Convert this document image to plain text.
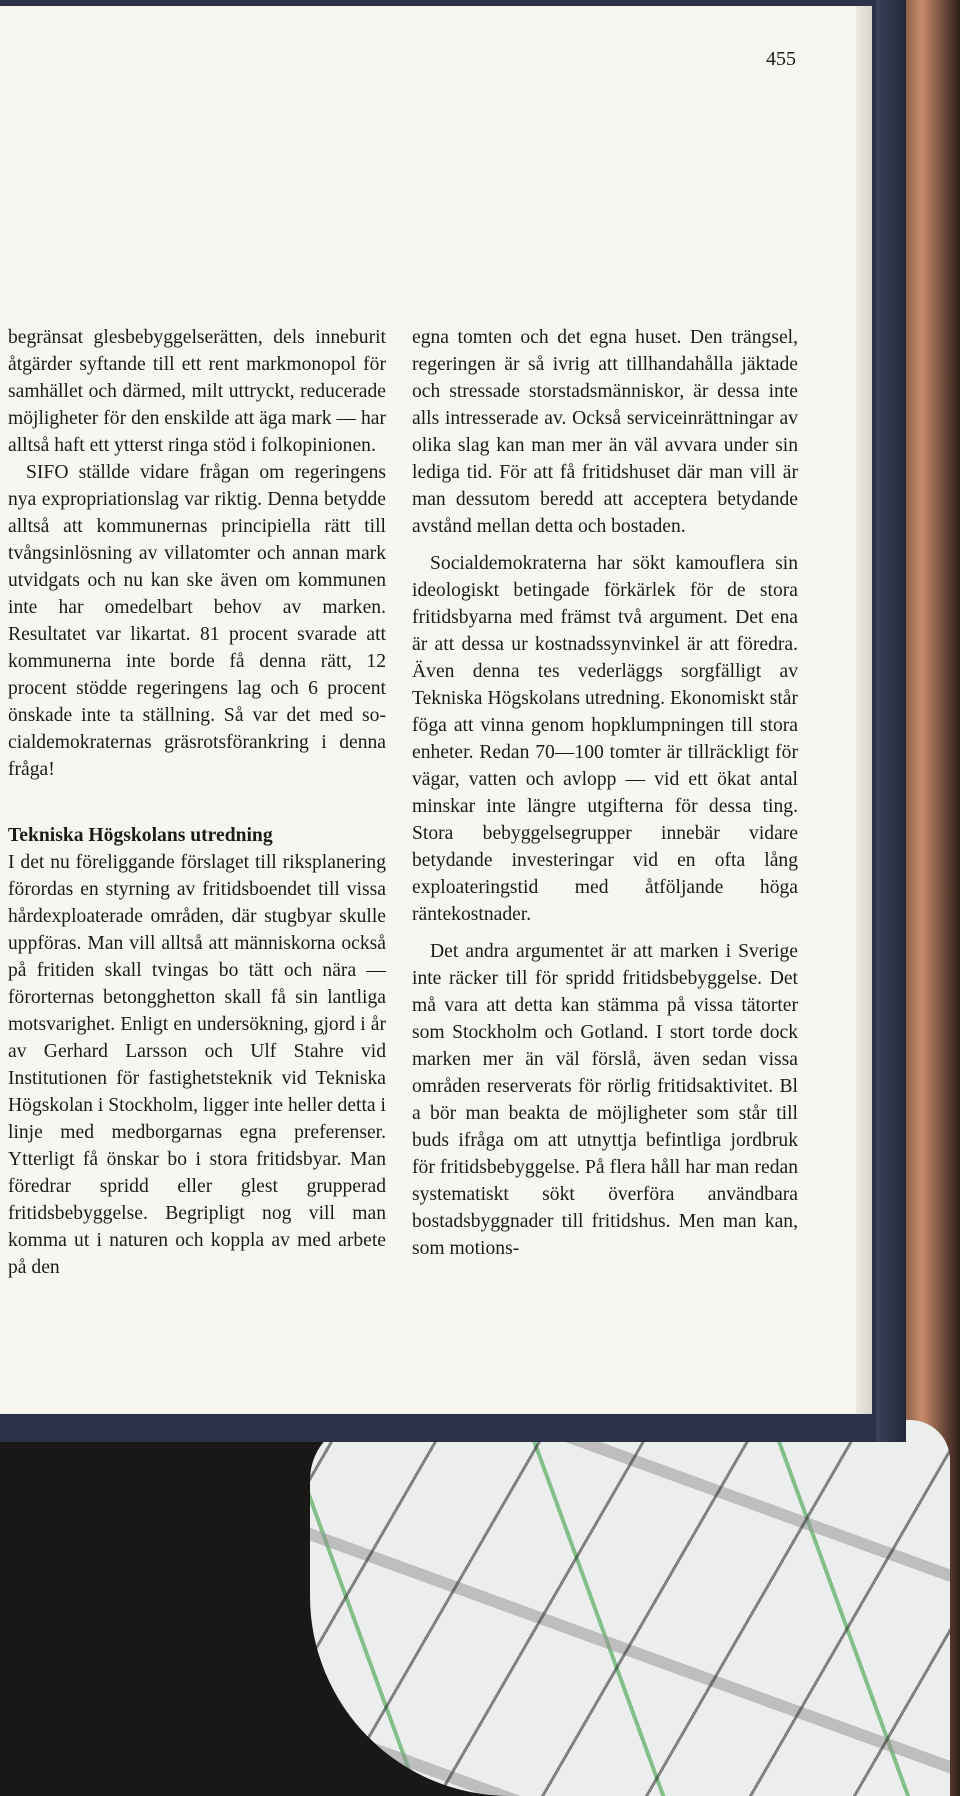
455

begränsat glesbebyggelserätten, dels inneburit åtgärder syftande till ett rent markmonopol för samhället och därmed, milt uttryckt, reducerade möjligheter för den enskilde att äga mark — har alltså haft ett ytterst ringa stöd i folkopinionen.

SIFO ställde vidare frågan om regeringens nya expropriationslag var riktig. Denna betydde alltså att kommunernas principiella rätt till tvångsinlösning av villatomter och annan mark utvidgats och nu kan ske även om kommunen inte har omedelbart behov av marken. Resultatet var likartat. 81 procent svarade att kommunerna inte borde få denna rätt, 12 procent stödde regeringens lag och 6 procent önskade inte ta ställning. Så var det med socialdemokraternas gräsrotsförankring i denna fråga!

Tekniska Högskolans utredning

I det nu föreliggande förslaget till riksplanering förordas en styrning av fritidsboendet till vissa hårdexploaterade områden, där stugbyar skulle uppföras. Man vill alltså att människorna också på fritiden skall tvingas bo tätt och nära — förorternas betongghetton skall få sin lantliga motsvarighet. Enligt en undersökning, gjord i år av Gerhard Larsson och Ulf Stahre vid Institutionen för fastighetsteknik vid Tekniska Högskolan i Stockholm, ligger inte heller detta i linje med medborgarnas egna preferenser. Ytterligt få önskar bo i stora fritidsbyar. Man föredrar spridd eller glest grupperad fritidsbebyggelse. Begripligt nog vill man komma ut i naturen och koppla av med arbete på den

egna tomten och det egna huset. Den trängsel, regeringen är så ivrig att tillhandahålla jäktade och stressade storstadsmänniskor, är dessa inte alls intresserade av. Också serviceinrättningar av olika slag kan man mer än väl avvara under sin lediga tid. För att få fritidshuset där man vill är man dessutom beredd att acceptera betydande avstånd mellan detta och bostaden.

Socialdemokraterna har sökt kamouflera sin ideologiskt betingade förkärlek för de stora fritidsbyarna med främst två argument. Det ena är att dessa ur kostnadssynvinkel är att föredra. Även denna tes vederläggs sorgfälligt av Tekniska Högskolans utredning. Ekonomiskt står föga att vinna genom hopklumpningen till stora enheter. Redan 70—100 tomter är tillräckligt för vägar, vatten och avlopp — vid ett ökat antal minskar inte längre utgifterna för dessa ting. Stora bebyggelsegrupper innebär vidare betydande investeringar vid en ofta lång exploateringstid med åtföljande höga räntekostnader.

Det andra argumentet är att marken i Sverige inte räcker till för spridd fritidsbebyggelse. Det må vara att detta kan stämma på vissa tätorter som Stockholm och Gotland. I stort torde dock marken mer än väl förslå, även sedan vissa områden reserverats för rörlig fritidsaktivitet. Bl a bör man beakta de möjligheter som står till buds ifråga om att utnyttja befintliga jordbruk för fritidsbebyggelse. På flera håll har man redan systematiskt sökt överföra användbara bostadsbyggnader till fritidshus. Men man kan, som motions-
